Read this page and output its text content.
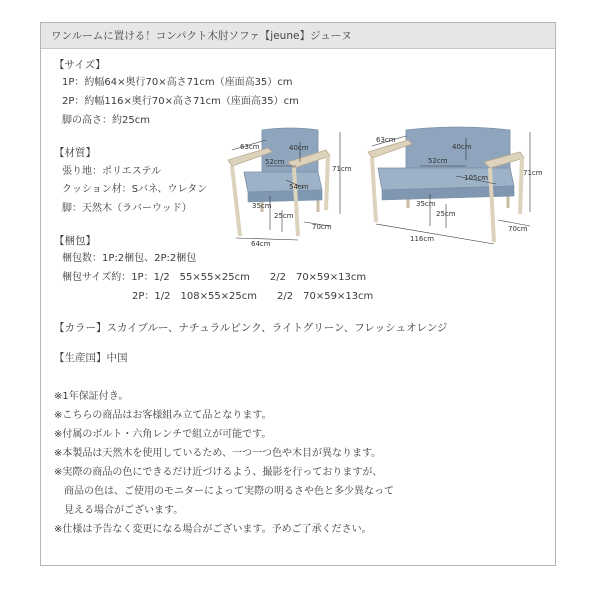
ワンルームに置ける！コンパクト木肘ソファ【jeune】ジューヌ
【サイズ】
1P：約幅64×奥行70×高さ71cm（座面高35）cm
2P：約幅116×奥行70×高さ71cm（座面高35）cm
脚の高さ：約25cm
【材質】
張り地：ポリエステル
クッション材：Sバネ、ウレタン
脚：天然木（ラバーウッド）
【梱包】
梱包数：1P:2梱包、2P:2梱包
梱包サイズ約：1P：1/2　55×55×25cm　　2/2　70×59×13cm
2P：1/2　108×55×25cm　　2/2　70×59×13cm
【カラー】スカイブルー、ナチュラルピンク、ライトグリーン、フレッシュオレンジ
【生産国】中国
※1年保証付き。
※こちらの商品はお客様組み立て品となります。
※付属のボルト・六角レンチで組立が可能です。
※本製品は天然木を使用しているため、一つ一つ色や木目が異なります。
※実際の商品の色にできるだけ近づけるよう、撮影を行っておりますが、
商品の色は、ご使用のモニターによって実際の明るさや色と多少異なって
見える場合がございます。
※仕様は予告なく変更になる場合がございます。予めご了承ください。
63cm	40cm
52cm
54cm
71cm
35cm
25cm
70cm
64cm
63cm
40cm
52cm
105cm
71cm
35cm
25cm
70cm
116cm
